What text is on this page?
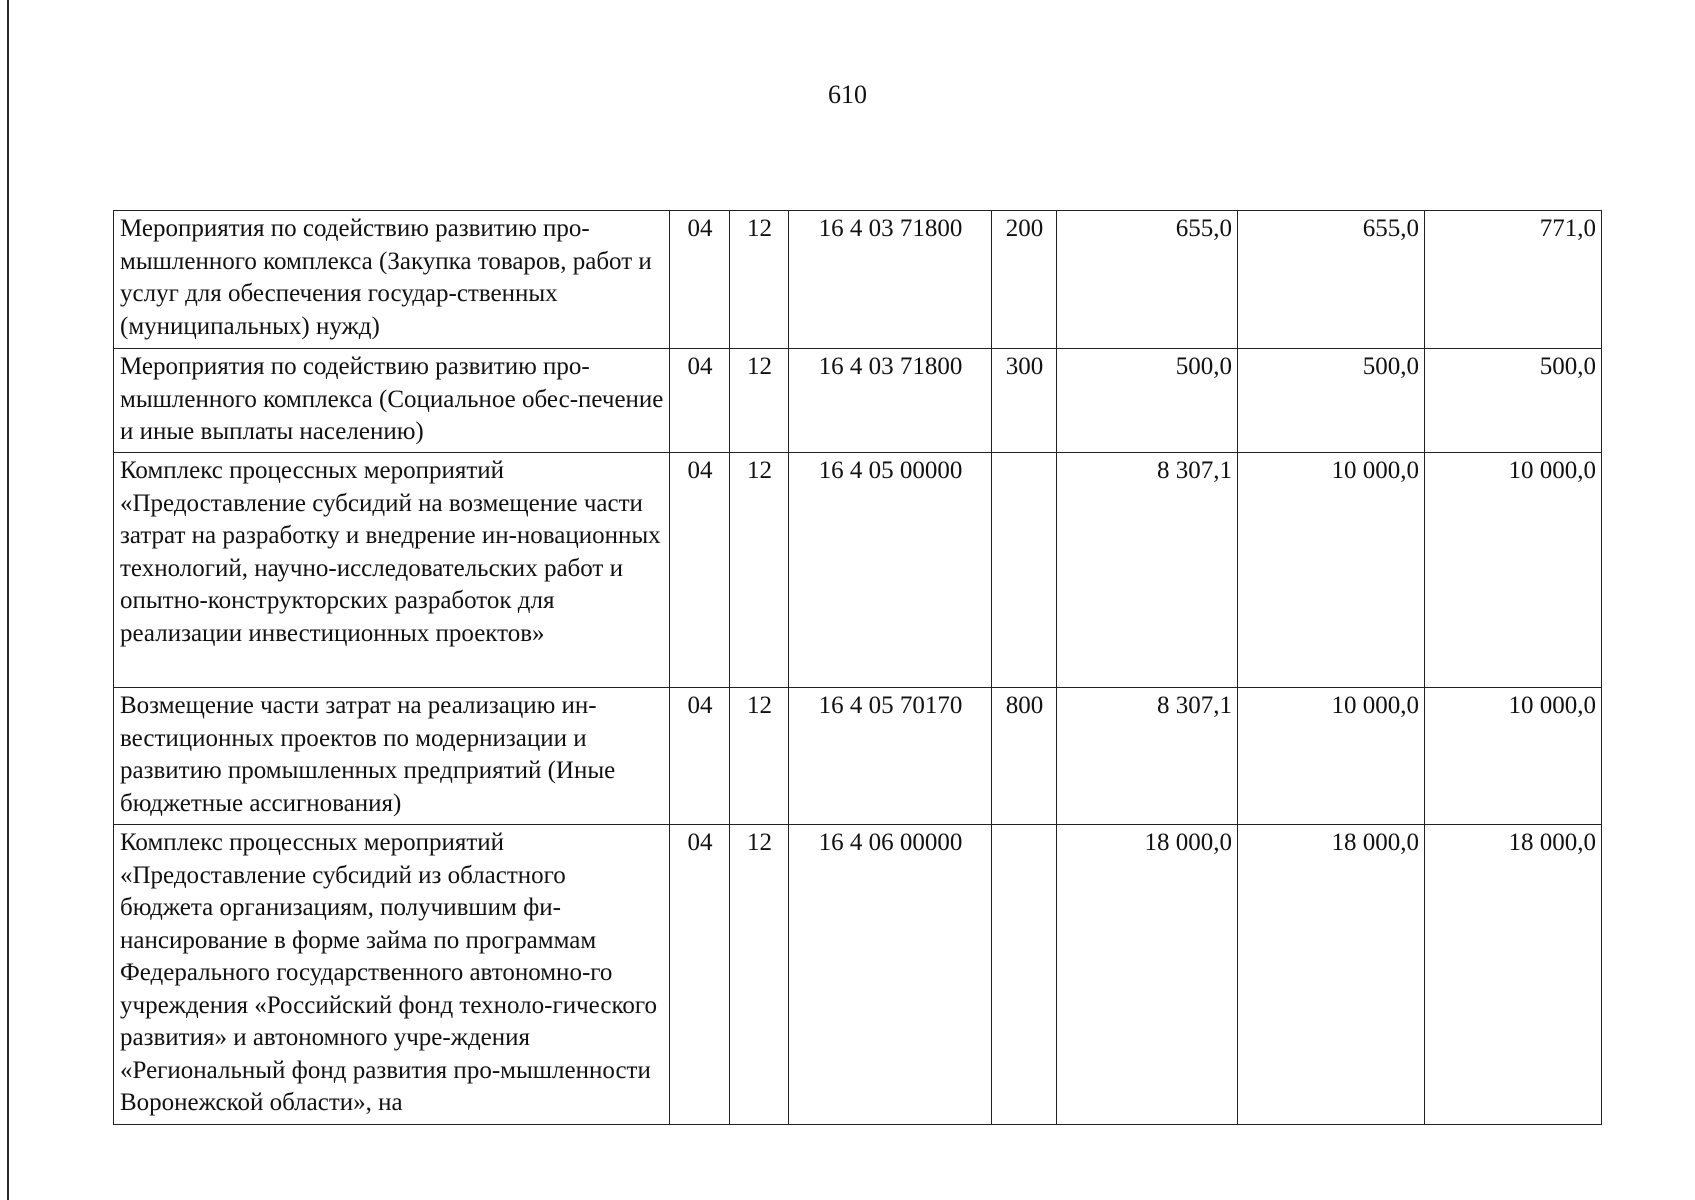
610
Мероприятия по содействию развитию про-мышленного комплекса (Закупка товаров, работ и услуг для обеспечения государ-ственных (муниципальных) нужд)	04	12	16 4 03 71800	200	655,0	655,0	771,0

Мероприятия по содействию развитию про-мышленного комплекса (Социальное обес-печение и иные выплаты населению)	04	12	16 4 03 71800	300	500,0	500,0	500,0

Комплекс процессных мероприятий «Предоставление субсидий на возмещение части затрат на разработку и внедрение ин-новационных технологий, научно-исследовательских работ и опытно-конструкторских разработок для реализации инвестиционных проектов»	04	12	16 4 05 00000		8 307,1	10 000,0	10 000,0

Возмещение части затрат на реализацию ин-вестиционных проектов по модернизации и развитию промышленных предприятий (Иные бюджетные ассигнования)	04	12	16 4 05 70170	800	8 307,1	10 000,0	10 000,0

Комплекс процессных мероприятий «Предоставление субсидий из областного бюджета организациям, получившим фи-нансирование в форме займа по программам Федерального государственного автономно-го учреждения «Российский фонд техноло-гического развития» и автономного учре-ждения «Региональный фонд развития про-мышленности Воронежской области», на	04	12	16 4 06 00000		18 000,0	18 000,0	18 000,0
